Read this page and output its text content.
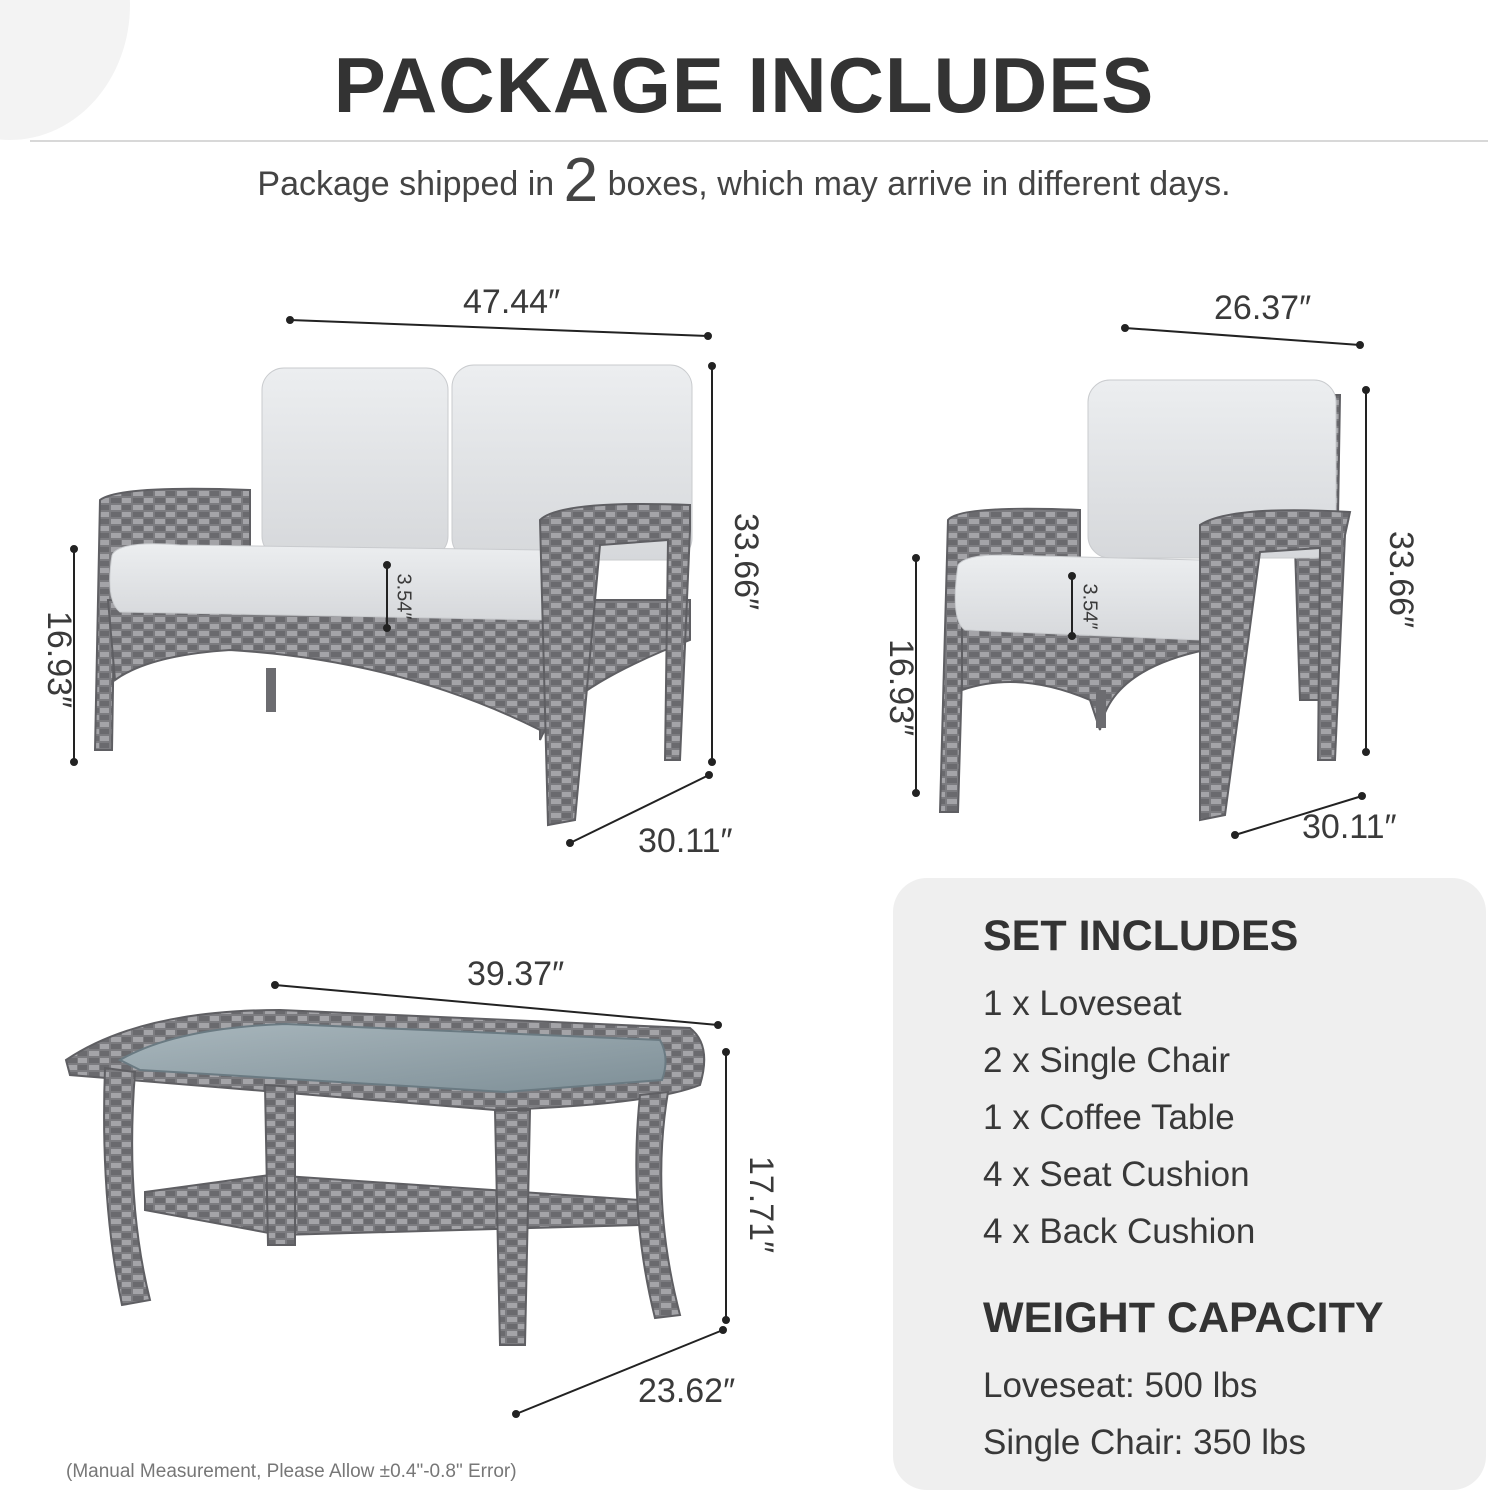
PACKAGE INCLUDES
Package shipped in 2 boxes, which may arrive in different days.
47.44″
33.66″
16.93″
30.11″
3.54″
26.37″
33.66″
16.93″
30.11″
3.54″
39.37″
17.71″
23.62″
SET INCLUDES
1 x Loveseat
2 x Single Chair
1 x Coffee Table
4 x Seat Cushion
4 x Back Cushion
WEIGHT CAPACITY
Loveseat: 500 lbs
Single Chair: 350 lbs
(Manual Measurement, Please Allow ±0.4"-0.8" Error)
